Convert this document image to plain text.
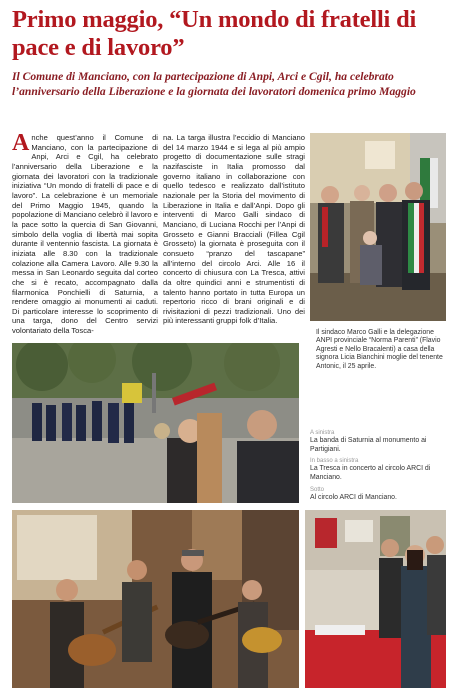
Primo maggio, “Un mondo di fratelli di pace e di lavoro”

Il Comune di Manciano, con la partecipazione di Anpi, Arci e Cgil, ha celebrato l’anniversario della Liberazione e la giornata dei lavoratori domenica primo Maggio

Anche quest’anno il Comune di Manciano, con la partecipazione di Anpi, Arci e Cgil, ha celebrato l’anniversario della Liberazione e la giornata dei lavoratori con la tradizionale iniziativa “Un mondo di fratelli di pace e di lavoro”. La celebrazione è un memoriale del Primo Maggio 1945, quando la popolazione di Manciano celebrò il lavoro e la pace sotto la quercia di San Giovanni, simbolo della voglia di libertà mai sopita durante il ventennio fascista. La giornata è iniziata alle 8.30 con la tradizionale colazione alla Camera Lavoro. Alle 9.30 la messa in San Leonardo seguita dal corteo che si è recato, accompagnato dalla filarmonica Ponchielli di Saturnia, a rendere omaggio ai monumenti ai caduti. Di particolare interesse lo scoprimento di una targa, dono del Centro servizi volontariato della Tosca-

na. La targa illustra l’eccidio di Manciano del 14 marzo 1944 e si lega al più ampio progetto di documentazione sulle stragi nazifasciste in Italia promosso dal governo italiano in collaborazione con quello tedesco e realizzato dall’istituto nazionale per la Storia del movimento di Liberazione in Italia e dall’Anpi. Dopo gli interventi di Marco Galli sindaco di Manciano, di Luciana Rocchi per l’Anpi di Grosseto e Gianni Bracciali (Fillea Cgil Grosseto) la giornata è proseguita con il consueto “pranzo del tascapane” all’interno del circolo Arci. Alle 16 il concerto di chiusura con La Tresca, attivi da oltre quindici anni e strumentisti di talento hanno portato in tutta Europa un repertorio ricco di brani originali e di rivisitazioni di pezzi tradizionali. Uno dei più interessanti gruppi folk d’Italia.

Il sindaco Marco Galli e la delegazione ANPI provinciale “Norma Parenti” (Flavio Agresti e Nello Bracalenti) a casa della signora Licia Bianchini moglie del tenente Antonic, il 25 aprile.

A sinistra

La banda di Saturnia al monumento ai Partigiani.

In basso a sinistra

La Tresca in concerto al circolo ARCI di Manciano.

Sotto

Al circolo ARCI di Manciano.
